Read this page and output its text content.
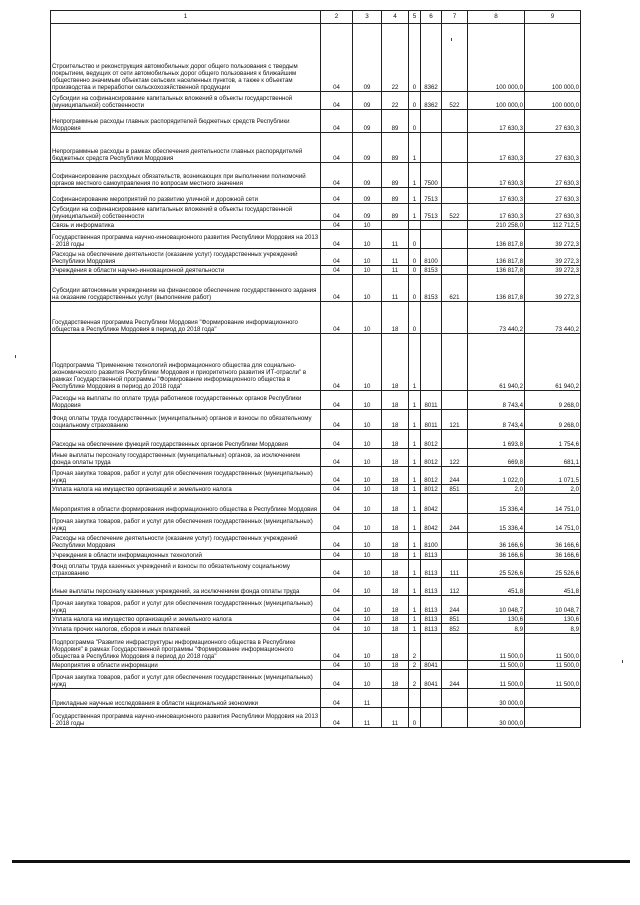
1	2	3	4	5	6	7	8	9
Строительство и реконструкция автомобильных дорог общего пользования с твердым покрытием, ведущих от сети автомобильных дорог общего пользования к ближайшим общественно значимым объектам сельских населенных пунктов, а также к объектам производства и переработки сельскохозяйственной продукции	04	09	22	0	8362		100 000,0	100 000,0
Субсидии на софинансирование капитальных вложений в объекты государственной (муниципальной) собственности	04	09	22	0	8362	522	100 000,0	100 000,0
Непрограммные расходы главных распорядителей бюджетных средств Республики Мордовия	04	09	89	0			17 630,3	27 630,3
Непрограммные расходы в рамках обеспечения деятельности главных распорядителей бюджетных средств Республики Мордовия	04	09	89	1			17 630,3	27 630,3
Софинансирование расходных обязательств, возникающих при выполнении полномочий органов местного самоуправления по вопросам местного значения	04	09	89	1	7500		17 630,3	27 630,3
Софинансирование мероприятий по развитию уличной и дорожной сети	04	09	89	1	7513		17 630,3	27 630,3
Субсидии на софинансирование капитальных вложений в объекты государственной (муниципальной) собственности	04	09	89	1	7513	522	17 630,3	27 630,3
Связь и информатика	04	10					210 258,0	112 712,5
Государственная программа научно-инновационного развития Республики Мордовия на 2013 - 2018 годы	04	10	11	0			136 817,8	39 272,3
Расходы на обеспечение деятельности (оказание услуг) государственных учреждений Республики Мордовия	04	10	11	0	8100		136 817,8	39 272,3
Учреждения в области научно-инновационной деятельности	04	10	11	0	8153		136 817,8	39 272,3
Субсидии автономным учреждениям на финансовое обеспечение государственного задания на оказание государственных услуг (выполнение работ)	04	10	11	0	8153	621	136 817,8	39 272,3
Государственная программа Республики Мордовия "Формирование информационного общества в Республике Мордовия в период до 2018 года"	04	10	18	0			73 440,2	73 440,2
Подпрограмма "Применение технологий информационного общества для социально-экономического развития Республики Мордовия и приоритетного развития ИТ-отрасли" в рамках Государственной программы "Формирование информационного общества в Республике Мордовия в период до 2018 года"	04	10	18	1			61 940,2	61 940,2
Расходы на выплаты по оплате труда работников государственных органов Республики Мордовия	04	10	18	1	8011		8 743,4	9 268,0
Фонд оплаты труда государственных (муниципальных) органов и взносы по обязательному социальному страхованию	04	10	18	1	8011	121	8 743,4	9 268,0
Расходы на обеспечение функций государственных органов Республики Мордовия	04	10	18	1	8012		1 693,8	1 754,6
Иные выплаты персоналу государственных (муниципальных) органов, за исключением фонда оплаты труда	04	10	18	1	8012	122	669,8	681,1
Прочая закупка товаров, работ и услуг для обеспечения государственных (муниципальных) нужд	04	10	18	1	8012	244	1 022,0	1 071,5
Уплата налога на имущество организаций и земельного налога	04	10	18	1	8012	851	2,0	2,0
Мероприятия в области формирования информационного общества в Республике Мордовия	04	10	18	1	8042		15 336,4	14 751,0
Прочая закупка товаров, работ и услуг для обеспечения государственных (муниципальных) нужд	04	10	18	1	8042	244	15 336,4	14 751,0
Расходы на обеспечение деятельности (оказание услуг) государственных учреждений Республики Мордовия	04	10	18	1	8100		36 166,6	36 166,6
Учреждения в области информационных технологий	04	10	18	1	8113		36 166,6	36 166,6
Фонд оплаты труда казенных учреждений и взносы по обязательному социальному страхованию	04	10	18	1	8113	111	25 526,6	25 526,6
Иные выплаты персоналу казенных учреждений, за исключением фонда оплаты труда	04	10	18	1	8113	112	451,8	451,8
Прочая закупка товаров, работ и услуг для обеспечения государственных (муниципальных) нужд	04	10	18	1	8113	244	10 048,7	10 048,7
Уплата налога на имущество организаций и земельного налога	04	10	18	1	8113	851	130,6	130,6
Уплата прочих налогов, сборов и иных платежей	04	10	18	1	8113	852	8,9	8,9
Подпрограмма "Развитие инфраструктуры информационного общества в Республике Мордовия" в рамках Государственной программы "Формирование информационного общества в Республике Мордовия в период до 2018 года"	04	10	18	2			11 500,0	11 500,0
Мероприятия в области информации	04	10	18	2	8041		11 500,0	11 500,0
Прочая закупка товаров, работ и услуг для обеспечения государственных (муниципальных) нужд	04	10	18	2	8041	244	11 500,0	11 500,0
Прикладные научные исследования в области национальной экономики	04	11					30 000,0	
Государственная программа научно-инновационного развития Республики Мордовия на 2013 - 2018 годы	04	11	11	0			30 000,0	
